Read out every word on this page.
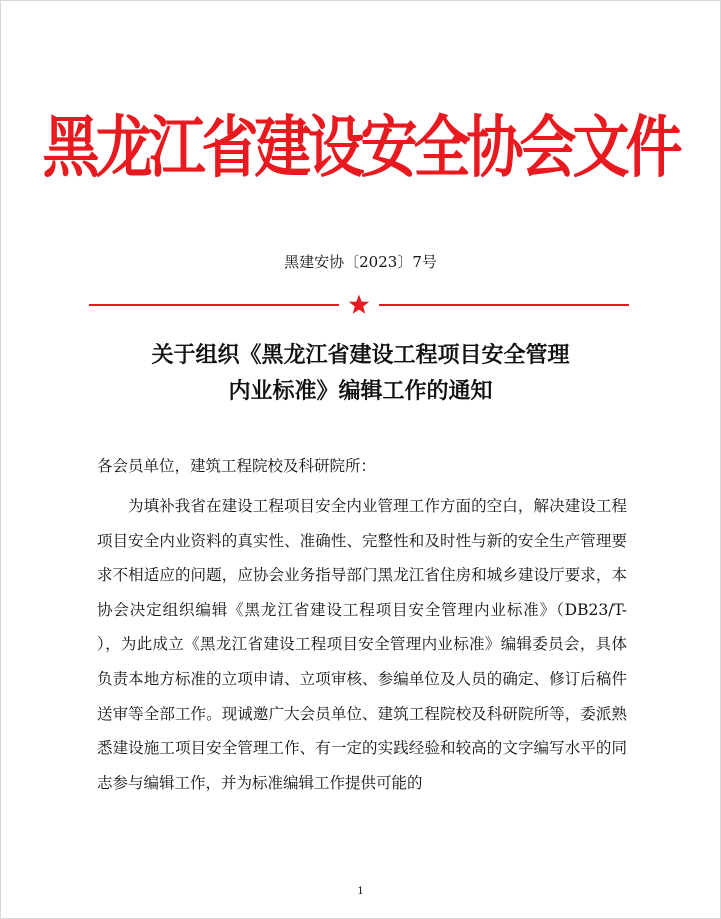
黑龙江省建设安全协会文件
黑建安协〔2023〕7号
关于组织《黑龙江省建设工程项目安全管理
内业标准》编辑工作的通知
各会员单位，建筑工程院校及科研院所：
为填补我省在建设工程项目安全内业管理工作方面的空白，解决建设工程项目安全内业资料的真实性、准确性、完整性和及时性与新的安全生产管理要求不相适应的问题，应协会业务指导部门黑龙江省住房和城乡建设厅要求，本协会决定组织编辑《黑龙江省建设工程项目安全管理内业标准》（DB23/T- ），为此成立《黑龙江省建设工程项目安全管理内业标准》编辑委员会，具体负责本地方标准的立项申请、立项审核、参编单位及人员的确定、修订后稿件送审等全部工作。现诚邀广大会员单位、建筑工程院校及科研院所等，委派熟悉建设施工项目安全管理工作、有一定的实践经验和较高的文字编写水平的同志参与编辑工作，并为标准编辑工作提供可能的
1
